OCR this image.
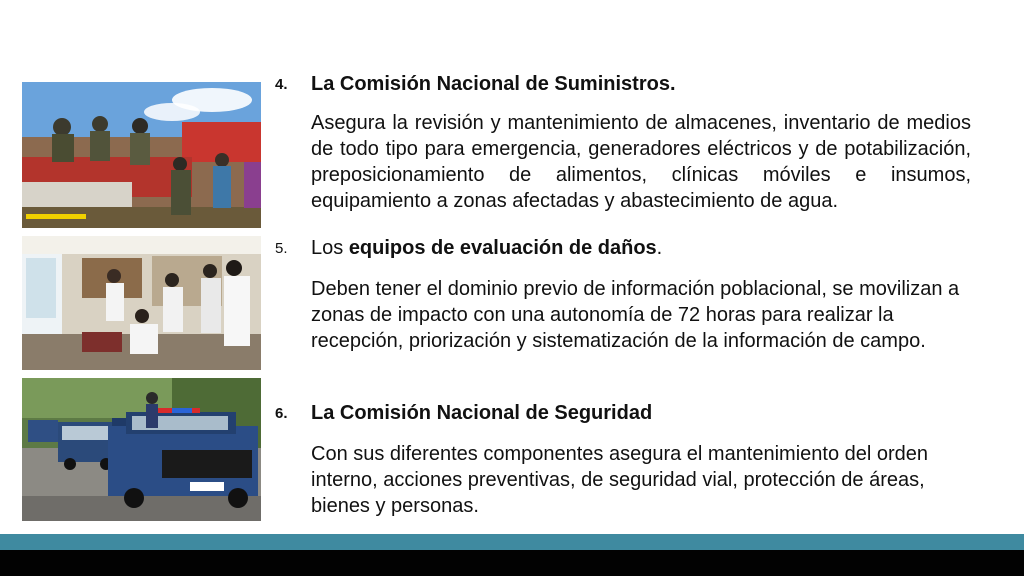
4. La Comisión Nacional de Suministros.
Asegura la revisión y mantenimiento de almacenes, inventario de medios de todo tipo para emergencia, generadores eléctricos y de potabilización, preposicionamiento de alimentos, clínicas móviles e insumos, equipamiento a zonas afectadas y abastecimiento de agua.
5. Los equipos de evaluación de daños.
Deben tener el dominio previo de información poblacional, se movilizan a zonas de impacto con una autonomía de 72 horas para realizar la recepción, priorización y sistematización de la información de campo.
6. La Comisión Nacional de Seguridad
Con sus diferentes componentes asegura el mantenimiento del orden interno, acciones preventivas, de seguridad vial, protección de áreas, bienes y personas.
